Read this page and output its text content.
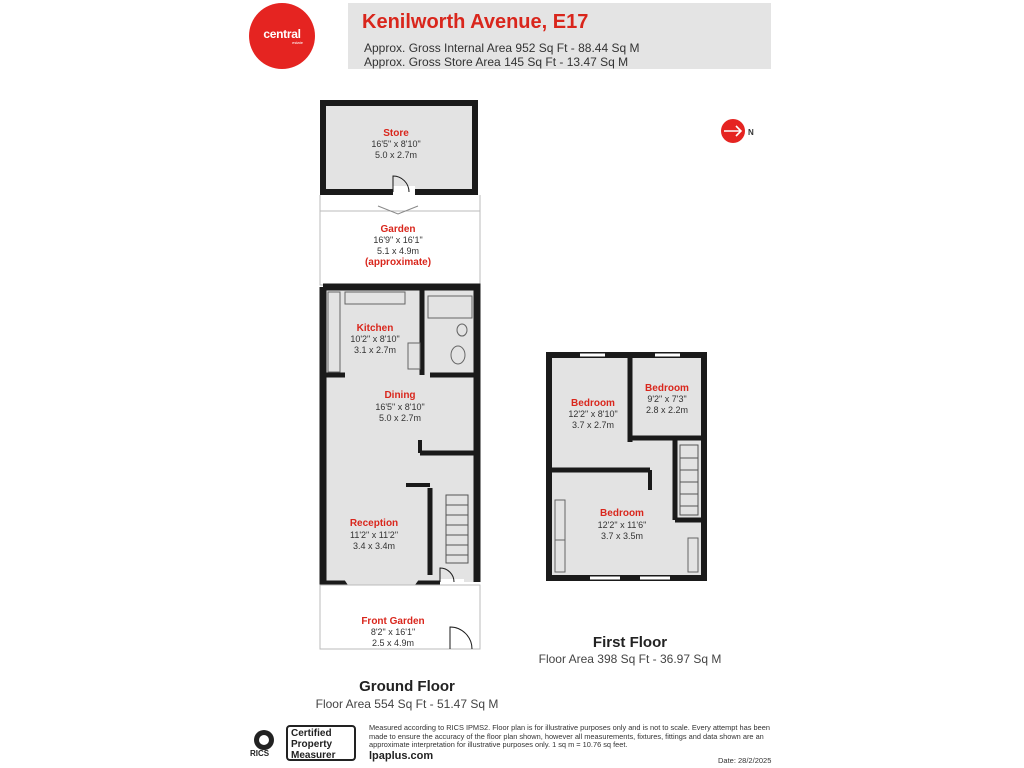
central
estate
Kenilworth Avenue, E17
Approx. Gross Internal Area 952 Sq Ft - 88.44 Sq M
Approx. Gross Store Area 145 Sq Ft - 13.47 Sq M
N
Store
16'5" x 8'10"
5.0 x 2.7m
Garden
16'9" x 16'1"
5.1 x 4.9m
(approximate)
Kitchen
10'2" x 8'10"
3.1 x 2.7m
Dining
16'5" x 8'10"
5.0 x 2.7m
Reception
11'2" x 11'2"
3.4 x 3.4m
Front Garden
8'2" x 16'1"
2.5 x 4.9m
Bedroom
12'2" x 8'10"
3.7 x 2.7m
Bedroom
9'2" x 7'3"
2.8 x 2.2m
Bedroom
12'2" x 11'6"
3.7 x 3.5m
First Floor
Floor Area 398 Sq Ft - 36.97 Sq M
Ground Floor
Floor Area 554 Sq Ft - 51.47 Sq M
RICS
Certified
Property
Measurer
Measured according to RICS IPMS2. Floor plan is for illustrative purposes only and is not to scale. Every attempt has been made to ensure the accuracy of the floor plan shown, however all measurements, fixtures, fittings and data shown are an approximate interpretation for illustrative purposes only. 1 sq m = 10.76 sq feet.
lpaplus.com	Date: 28/2/2025
